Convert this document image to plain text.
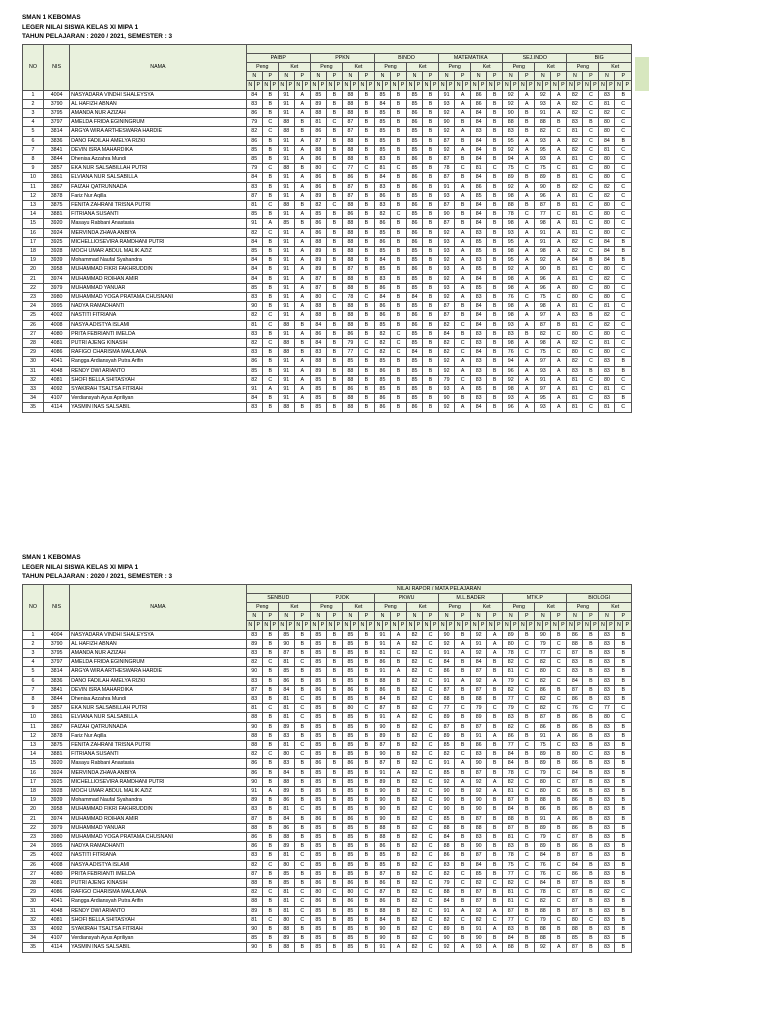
SMAN 1 KEBOMAS
LEGER NILAI SISWA KELAS XI MIPA 1
TAHUN PELAJARAN : 2020 / 2021, SEMESTER : 3
NO	NIS	NAMA																																																
			PAIBP								PPKN								BINDO								MATEMATIKA								SEJ.INDO								BIG							
			Peng				Ket				Peng				Ket				Peng				Ket				Peng				Ket				Peng				Ket				Peng				Ket			
			N		P		N		P		N		P		N		P		N		P		N		P		N		P		N		P		N		P		N		P		N		P		N		P	
			N	P	N	P	N	P	N	P	N	P	N	P	N	P	N	P	N	P	N	P	N	P	N	P	N	P	N	P	N	P	N	P	N	P	N	P	N	P	N	P	N	P	N	P	N	P	N	P
1	4004	NASYADARA VINDHI SHALEYSYA	84		B		91		A		85		B		88		B		85		B		85		B		91		A		86		B		92		A		92		A		82		C		83		B	
2	3790	AL HAFIZH ABNAN	83		B		91		A		89		B		88		B		84		B		85		B		93		A		86		B		92		A		93		A		82		C		81		C	
3	3795	AMANDA NUR AZIZAH	86		B		91		A		88		B		88		B		85		B		86		B		92		A		84		B		90		B		91		A		82		C		82		C	
4	3797	AMELDA FRIDA EGININGRUM	79		C		88		B		81		C		87		B		85		B		86		B		90		B		84		B		88		B		88		B		83		B		80		C	
5	3814	ARGYA WIRA ARTHESWARA HARDIE	82		C		88		B		86		B		87		B		85		B		85		B		92		A		83		B		83		B		82		C		81		C		80		C	
6	3836	DANO FADILAH AMELYA RIZKI	86		B		91		A		87		B		88		B		85		B		85		B		87		B		84		B		95		A		93		A		82		C		84		B	
7	3841	DEVIN ISRA MAHARDIKA	85		B		91		A		88		B		88		B		85		B		85		B		92		A		84		B		92		A		95		A		82		C		81		C	
8	3844	Dhenisa Azzahra Mundi	85		B		91		A		86		B		88		B		83		B		86		B		87		B		84		B		94		A		93		A		81		C		80		C	
9	3857	EKA NUR SALSABILLAH PUTRI	79		C		88		B		80		C		77		C		81		C		85		B		78		C		81		C		75		C		75		C		81		C		80		C	
10	3861	ELVIANA NUR SALSABILLA	84		B		91		A		86		B		86		B		84		B		86		B		87		B		84		B		89		B		89		B		81		C		80		C	
11	3867	FAIZAH QATRUNNADA	83		B		91		A		86		B		87		B		83		B		86		B		91		A		86		B		92		A		90		B		82		C		82		C	
12	3878	Fariz Nur Aqilla	87		B		91		A		89		B		87		B		86		B		85		B		93		A		85		B		98		A		96		A		81		C		82		C	
13	3875	FENITA ZAHRANI TRISNA PUTRI	81		C		88		B		82		C		88		B		83		B		86		B		87		B		84		B		88		B		87		B		81		C		80		C	
14	3881	FITRIANA SUSANTI	85		B		91		A		85		B		86		B		82		C		85		B		90		B		84		B		78		C		77		C		81		C		80		C	
15	3920	Masayu Rabbani Anastasia	91		A		85		B		86		B		88		B		86		B		86		B		87		B		84		B		98		A		98		A		81		C		80		C	
16	3924	MERVINDA ZHAVA ANBIYA	82		C		91		A		86		B		88		B		85		B		86		B		92		A		83		B		93		A		91		A		81		C		80		C	
17	3925	MICHELLIOSEVIRA RAMDHANI PUTRI	84		B		91		A		88		B		88		B		86		B		86		B		93		A		85		B		95		A		91		A		82		C		84		B	
18	3928	MOCH UMAR ABDUL MALIK AZIZ	85		B		91		A		89		B		88		B		85		B		85		B		93		A		85		B		98		A		98		A		82		C		84		B	
19	3939	Mohammad Naufal Syahandra	84		B		91		A		89		B		88		B		84		B		85		B		92		A		83		B		95		A		92		A		84		B		84		B	
20	3958	MUHAMMAD FIKRI FAKHRUDDIN	84		B		91		A		89		B		87		B		85		B		86		B		93		A		85		B		92		A		90		B		81		C		80		C	
21	3974	MUHAMMAD ROIHAN AMIR	84		B		91		A		87		B		88		B		83		B		85		B		92		A		84		B		98		A		96		A		81		C		82		C	
22	3979	MUHAMMAD YANUAR	85		B		91		A		87		B		88		B		86		B		85		B		93		A		85		B		98		A		96		A		80		C		80		C	
23	3980	MUHAMMAD YOGA PRATAMA CHUSNANI	83		B		91		A		80		C		78		C		84		B		84		B		92		A		83		B		76		C		75		C		80		C		80		C	
24	3995	NADYA RAMADHANTI	90		B		91		A		88		B		88		B		86		B		85		B		87		B		84		B		98		A		98		A		81		C		81		C	
25	4002	NASTITI FITRIANA	82		C		91		A		88		B		88		B		86		B		86		B		87		B		84		B		98		A		97		A		83		B		82		C	
26	4008	NASYA ADISTYA ISLAMI	81		C		88		B		84		B		88		B		85		B		86		B		82		C		84		B		93		A		87		B		81		C		82		C	
27	4080	PRITA FEBRIANTI IMELDA	83		B		91		A		86		B		86		B		82		C		85		B		84		B		83		B		83		B		82		C		80		C		80		C	
28	4081	PUTRI AJENG KINASIH	82		C		88		B		84		B		79		C		82		C		85		B		82		C		83		B		98		A		98		A		82		C		81		C	
29	4086	RAFIGO CHARISMA MAULANA	83		B		88		B		83		B		77		C		82		C		84		B		82		C		84		B		76		C		75		C		80		C		80		C	
30	4041	Rangga Ardiansyah Putra Arifin	86		B		91		A		88		B		85		B		85		B		85		B		92		A		83		B		94		A		97		A		82		C		83		B	
31	4048	RENDY DWI ARIANTO	85		B		91		A		89		B		88		B		86		B		85		B		92		A		83		B		96		A		93		A		83		B		83		B	
32	4081	SHOFI BELLA SHITASYAH	82		C		91		A		85		B		88		B		85		B		85		B		79		C		83		B		92		A		91		A		81		C		80		C	
33	4092	SYAKIRAH TSALTSA FITRIAH	91		A		91		A		85		B		86		B		85		B		85		B		93		A		85		B		98		A		97		A		81		C		81		C	
34	4107	Verdiansyah Ayus Apriliyan	84		B		91		A		85		B		88		B		86		B		85		B		90		B		83		B		93		A		95		A		81		C		83		B	
35	4114	YASMIN INAS SALSABIL	83		B		88		B		85		B		88		B		86		B		86		B		92		A		84		B		96		A		93		A		81		C		81		C	
SMAN 1 KEBOMAS
LEGER NILAI SISWA KELAS XI MIPA 1
TAHUN PELAJARAN : 2020 / 2021, SEMESTER : 3
NO	NIS	NAMA	NILAI RAPOR / MATA PELAJARAN																																															
			SENBUD								PJOK								PKWU								M.L.BADER								MTK.P								BIOLOGI							
			Peng				Ket				Peng				Ket				Peng				Ket				Peng				Ket				Peng				Ket				Peng				Ket			
			N		P		N		P		N		P		N		P		N		P		N		P		N		P		N		P		N		P		N		P		N		P		N		P	
			N	P	N	P	N	P	N	P	N	P	N	P	N	P	N	P	N	P	N	P	N	P	N	P	N	P	N	P	N	P	N	P	N	P	N	P	N	P	N	P	N	P	N	P	N	P	N	P
1	4004	NASYADARA VINDHI SHALEYSYA	83		B		85		B		85		B		85		B		91		A		82		C		90		B		92		A		89		B		90		B		86		B		83		B	
2	3790	AL HAFIZH ABNAN	89		B		90		B		85		B		85		B		91		A		82		C		92		A		91		A		80		C		79		C		88		B		83		B	
3	3795	AMANDA NUR AZIZAH	83		B		87		B		85		B		85		B		81		C		82		C		91		A		92		A		78		C		77		C		87		B		83		B	
4	3797	AMELDA FRIDA EGININGRUM	82		C		81		C		85		B		85		B		86		B		82		C		84		B		84		B		82		C		82		C		83		B		83		B	
5	3814	ARGYA WIRA ARTHESWARA HARDIE	90		B		85		B		85		B		85		B		91		A		82		C		86		B		87		B		81		C		80		C		83		B		83		B	
6	3836	DANO FADILAH AMELYA RIZKI	83		B		86		B		85		B		85		B		88		B		82		C		91		A		92		A		79		C		82		C		84		B		83		B	
7	3841	DEVIN ISRA MAHARDIKA	87		B		84		B		86		B		86		B		86		B		82		C		87		B		87		B		82		C		86		B		87		B		83		B	
8	3844	Dhenisa Azzahra Mundi	83		B		81		C		85		B		85		B		84		B		82		C		88		B		88		B		77		C		82		C		86		B		83		B	
9	3857	EKA NUR SALSABILLAH PUTRI	81		C		81		C		85		B		80		C		87		B		82		C		77		C		79		C		79		C		82		C		76		C		77		C	
10	3861	ELVIANA NUR SALSABILLA	88		B		81		C		85		B		85		B		91		A		82		C		89		B		89		B		83		B		87		B		86		B		80		C	
11	3867	FAIZAH QATRUNNADA	90		B		89		B		85		B		85		B		90		B		82		C		87		B		87		B		82		C		86		B		86		B		83		B	
12	3878	Fariz Nur Aqilla	88		B		83		B		85		B		85		B		89		B		82		C		89		B		91		A		86		B		91		A		86		B		83		B	
13	3875	FENITA ZAHRANI TRISNA PUTRI	88		B		81		C		85		B		85		B		87		B		82		C		85		B		86		B		77		C		75		C		83		B		83		B	
14	3881	FITRIANA SUSANTI	82		C		80		C		85		B		85		B		90		B		82		C		82		C		83		B		84		B		89		B		80		C		83		B	
15	3920	Masayu Rabbani Anastasia	86		B		83		B		86		B		86		B		87		B		82		C		91		A		90		B		84		B		89		B		86		B		83		B	
16	3924	MERVINDA ZHAVA ANBIYA	86		B		84		B		85		B		85		B		91		A		82		C		85		B		87		B		78		C		79		C		84		B		83		B	
17	3925	MICHELLIOSEVIRA RAMDHANI PUTRI	90		B		88		B		85		B		85		B		89		B		82		C		92		A		92		A		82		C		80		C		87		B		83		B	
18	3928	MOCH UMAR ABDUL MALIK AZIZ	91		A		89		B		85		B		85		B		90		B		82		C		90		B		92		A		81		C		80		C		86		B		83		B	
19	3939	Mohammad Naufal Syahandra	89		B		86		B		85		B		85		B		90		B		82		C		90		B		90		B		87		B		88		B		86		B		83		B	
20	3958	MUHAMMAD FIKRI FAKHRUDDIN	83		B		81		C		85		B		85		B		90		B		82		C		90		B		90		B		84		B		86		B		86		B		83		B	
21	3974	MUHAMMAD ROIHAN AMIR	87		B		84		B		86		B		86		B		90		B		82		C		85		B		87		B		88		B		91		A		86		B		83		B	
22	3979	MUHAMMAD YANUAR	88		B		86		B		85		B		85		B		88		B		82		C		88		B		88		B		87		B		89		B		86		B		83		B	
23	3980	MUHAMMAD YOGA PRATAMA CHUSNANI	86		B		88		B		85		B		85		B		88		B		82		C		84		B		83		B		81		C		79		C		87		B		83		B	
24	3995	NADYA RAMADHANTI	86		B		89		B		85		B		85		B		86		B		82		C		88		B		90		B		83		B		89		B		86		B		83		B	
25	4002	NASTITI FITRIANA	83		B		81		C		85		B		85		B		85		B		82		C		86		B		87		B		78		C		84		B		87		B		83		B	
26	4008	NASYA ADISTYA ISLAMI	82		C		80		C		85		B		85		B		85		B		82		C		83		B		84		B		75		C		76		C		84		B		83		B	
27	4080	PRITA FEBRIANTI IMELDA	87		B		85		B		85		B		85		B		87		B		82		C		82		C		85		B		77		C		76		C		86		B		83		B	
28	4081	PUTRI AJENG KINASIH	88		B		85		B		86		B		86		B		86		B		82		C		79		C		82		C		82		C		84		B		87		B		83		B	
29	4086	RAFIGO CHARISMA MAULANA	82		C		81		C		80		C		80		C		87		B		82		C		88		B		87		B		81		C		78		C		87		B		82		C	
30	4041	Rangga Ardiansyah Putra Arifin	88		B		81		C		86		B		86		B		86		B		82		C		84		B		87		B		81		C		82		C		87		B		83		B	
31	4048	RENDY DWI ARIANTO	89		B		81		C		85		B		85		B		88		B		82		C		91		A		92		A		87		B		88		B		87		B		83		B	
32	4081	SHOFI BELLA SHITASYAH	81		C		80		C		85		B		85		B		84		B		82		C		82		C		82		C		77		C		79		C		80		C		83		B	
33	4092	SYAKIRAH TSALTSA FITRIAH	90		B		88		B		85		B		85		B		90		B		82		C		89		B		91		A		83		B		88		B		88		B		83		B	
34	4107	Verdiansyah Ayus Apriliyan	85		B		89		B		85		B		85		B		90		B		82		C		90		B		90		B		84		B		88		B		85		B		83		B	
35	4114	YASMIN INAS SALSABIL	90		B		88		B		85		B		85		B		91		A		82		C		92		A		93		A		88		B		92		A		87		B		83		B	
